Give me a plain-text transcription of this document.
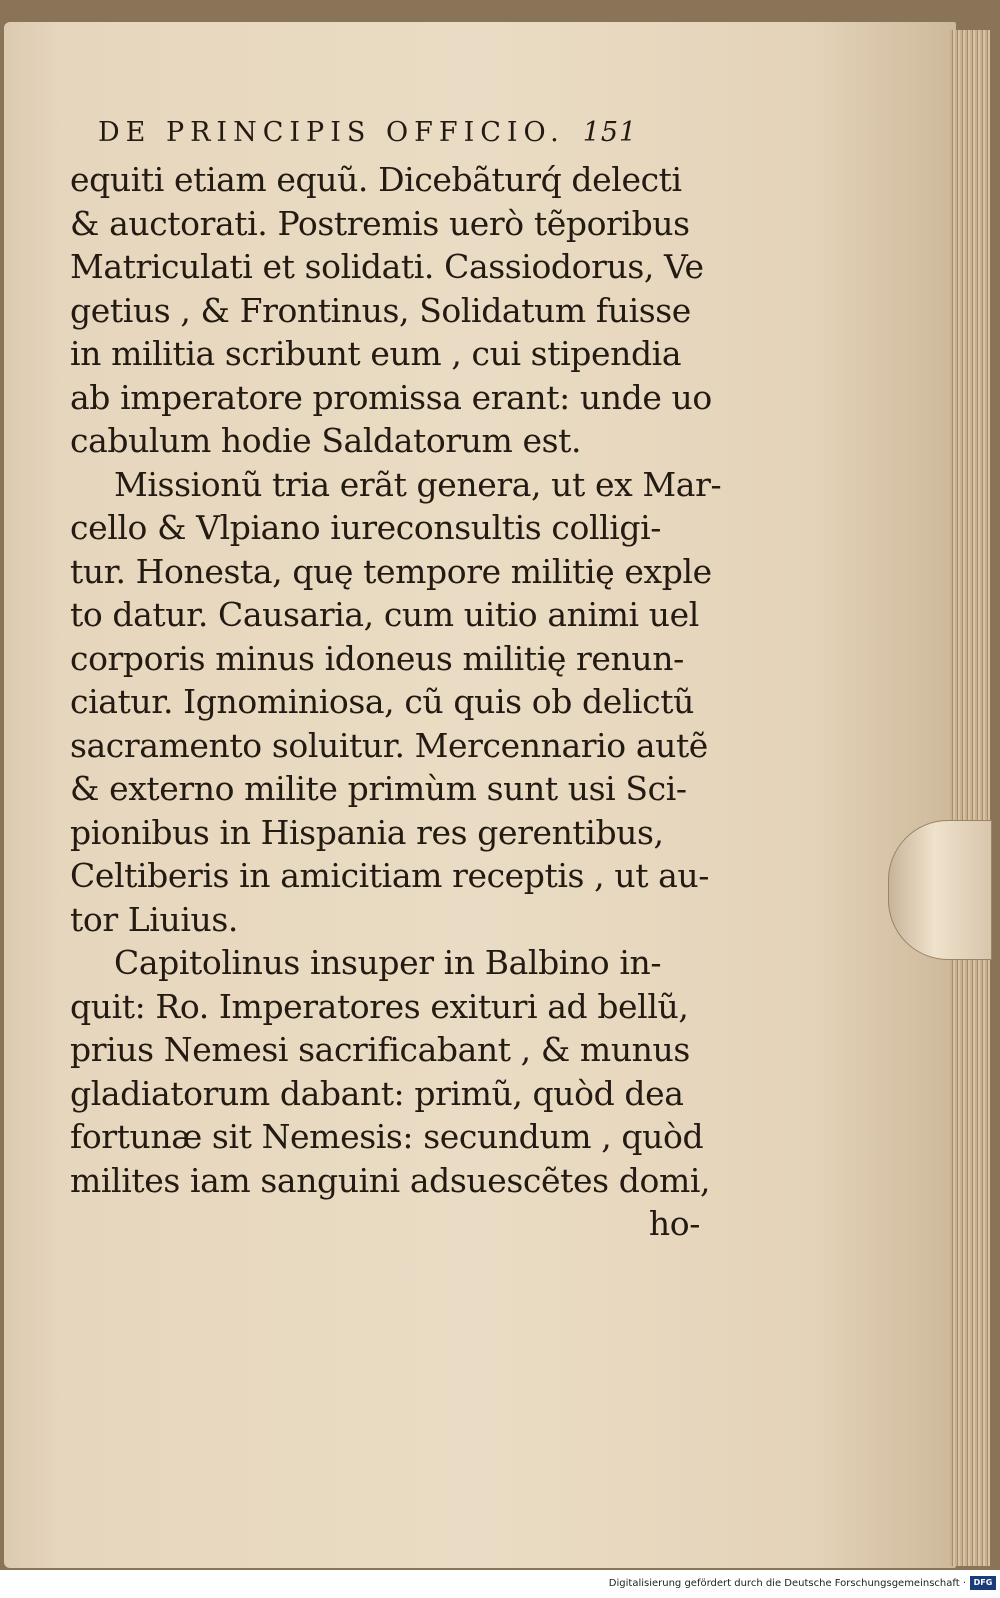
DE PRINCIPIS OFFICIO. 151
equiti etiam equũ. Dicebãturq́ delecti
& auctorati. Postremis uerò tẽporibus
Matriculati et solidati. Cassiodorus, Ve
getius , & Frontinus, Solidatum fuisse
in militia scribunt eum , cui stipendia
ab imperatore promissa erant: unde uo
cabulum hodie Saldatorum est.
Missionũ tria erãt genera, ut ex Mar-
cello & Vlpiano iureconsultis colligi-
tur. Honesta, quę tempore militię exple
to datur. Causaria, cum uitio animi uel
corporis minus idoneus militię renun-
ciatur. Ignominiosa, cũ quis ob delictũ
sacramento soluitur. Mercennario autẽ
& externo milite primùm sunt usi Sci-
pionibus in Hispania res gerentibus,
Celtiberis in amicitiam receptis , ut au-
tor Liuius.
Capitolinus insuper in Balbino in-
quit: Ro. Imperatores exituri ad bellũ,
prius Nemesi sacrificabant , & munus
gladiatorum dabant: primũ, quòd dea
fortunæ sit Nemesis: secundum , quòd
milites iam sanguini adsuescẽtes domi,
ho-
Digitalisierung gefördert durch die Deutsche Forschungsgemeinschaft · DFG
